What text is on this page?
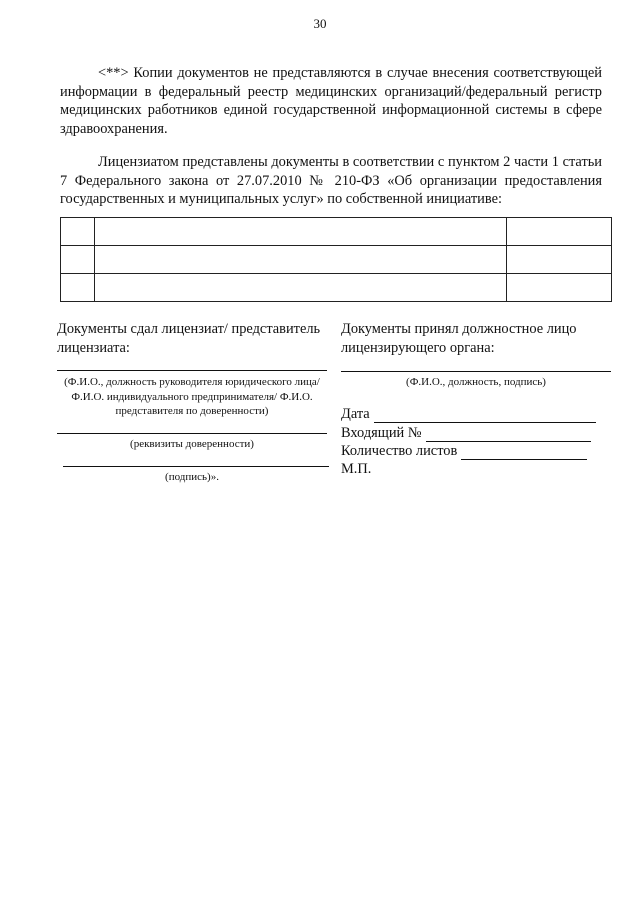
30

<**> Копии документов не представляются в случае внесения соответствующей информации в федеральный реестр медицинских организаций/федеральный регистр медицинских работников единой государственной информационной системы в сфере здравоохранения.

Лицензиатом представлены документы в соответствии с пунктом 2 части 1 статьи 7 Федерального закона от 27.07.2010 № 210-ФЗ «Об организации предоставления государственных и муниципальных услуг» по собственной инициативе:

Документы сдал лицензиат/ представитель лицензиата:
(Ф.И.О., должность руководителя юридического лица/Ф.И.О. индивидуального предпринимателя/ Ф.И.О. представителя по доверенности)
(реквизиты доверенности)
(подпись)».
Документы принял должностное лицо лицензирующего органа:
(Ф.И.О., должность, подпись)
Дата
Входящий №
Количество листов
М.П.
